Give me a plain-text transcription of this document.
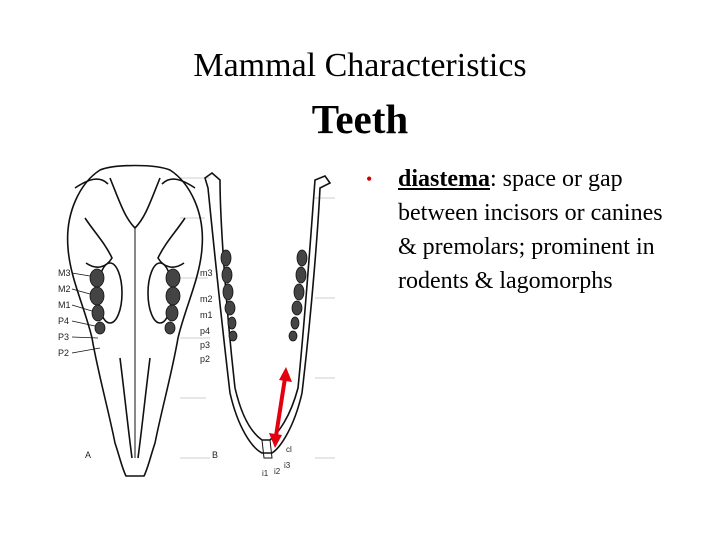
Mammal Characteristics
Teeth
M3
M2
M1
P4
P3
P2
A
m3
m2
m1
p4
p3
p2
cl
i3
i1 i2
B
•	diastema: space or gap between incisors or canines & premolars; prominent in rodents & lagomorphs
